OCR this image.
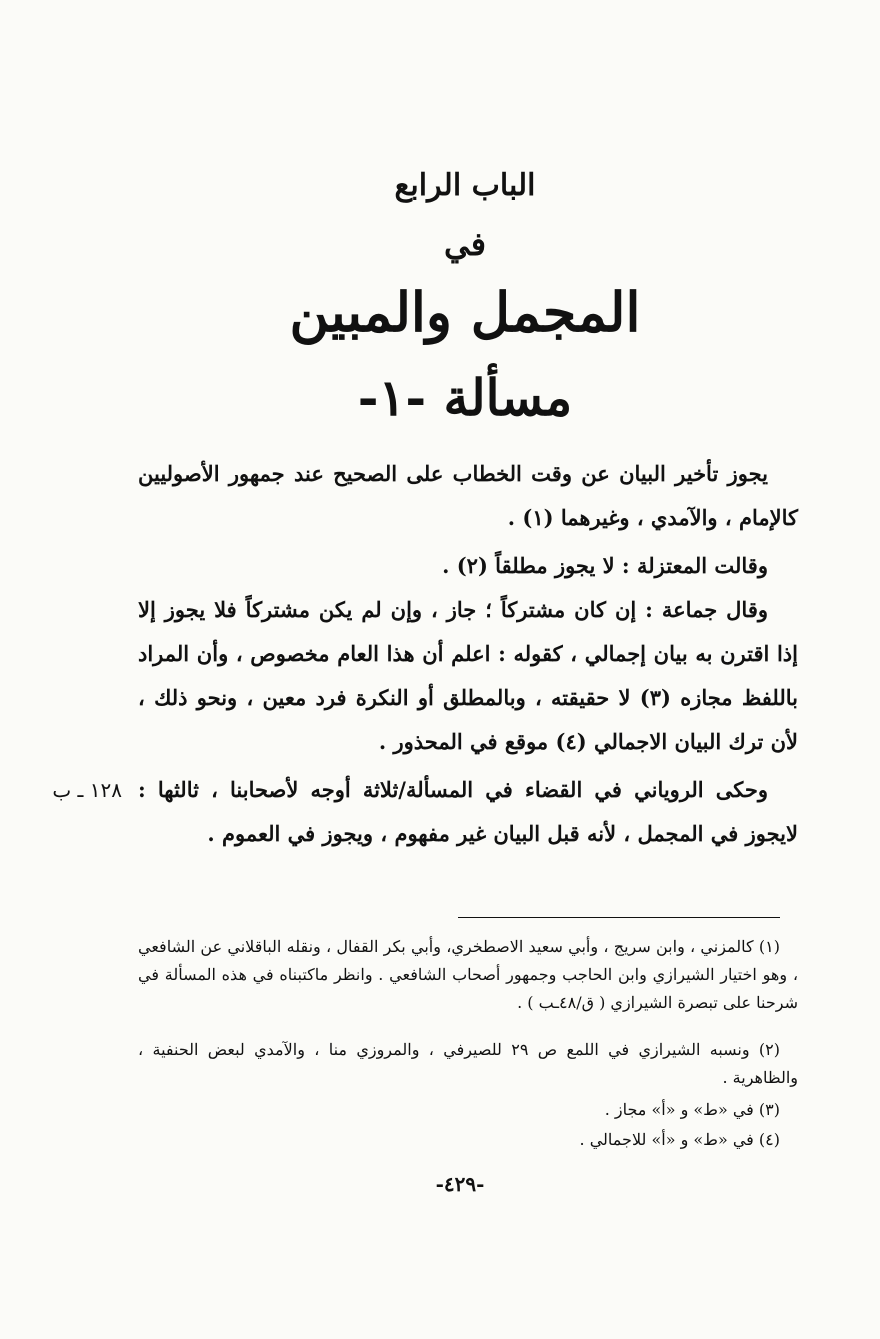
الباب الرابع
في
المجمل والمبين
مسألة -١-
يجوز تأخير البيان عن وقت الخطاب على الصحيح عند جمهور الأصوليين كالإمام ، والآمدي ، وغيرهما (١) .
وقالت المعتزلة : لا يجوز مطلقاً (٢) .
وقال جماعة : إن كان مشتركاً ؛ جاز ، وإن لم يكن مشتركاً فلا يجوز إلا إذا اقترن به بيان إجمالي ، كقوله : اعلم أن هذا العام مخصوص ، وأن المراد باللفظ مجازه (٣) لا حقيقته ، وبالمطلق أو النكرة فرد معين ، ونحو ذلك ، لأن ترك البيان الاجمالي (٤) موقع في المحذور .
وحكى الروياني في القضاء في المسألة/ثلاثة أوجه لأصحابنا ، ثالثها : لايجوز في المجمل ، لأنه قبل البيان غير مفهوم ، ويجوز في العموم .
١٢٨ ـ ب
(١) كالمزني ، وابن سريج ، وأبي سعيد الاصطخري، وأبي بكر القفال ، ونقله الباقلاني عن الشافعي ، وهو اختيار الشيرازي وابن الحاجب وجمهور أصحاب الشافعي . وانظر ماكتبناه في هذه المسألة في شرحنا على تبصرة الشيرازي ( ق/٤٨ـب ) .
(٢) ونسبه الشيرازي في اللمع ص ٢٩ للصيرفي ، والمروزي منا ، والآمدي لبعض الحنفية ، والظاهرية .
(٣) في «ط» و «أ» مجاز .
(٤) في «ط» و «أ» للاجمالي .
-٤٢٩-
